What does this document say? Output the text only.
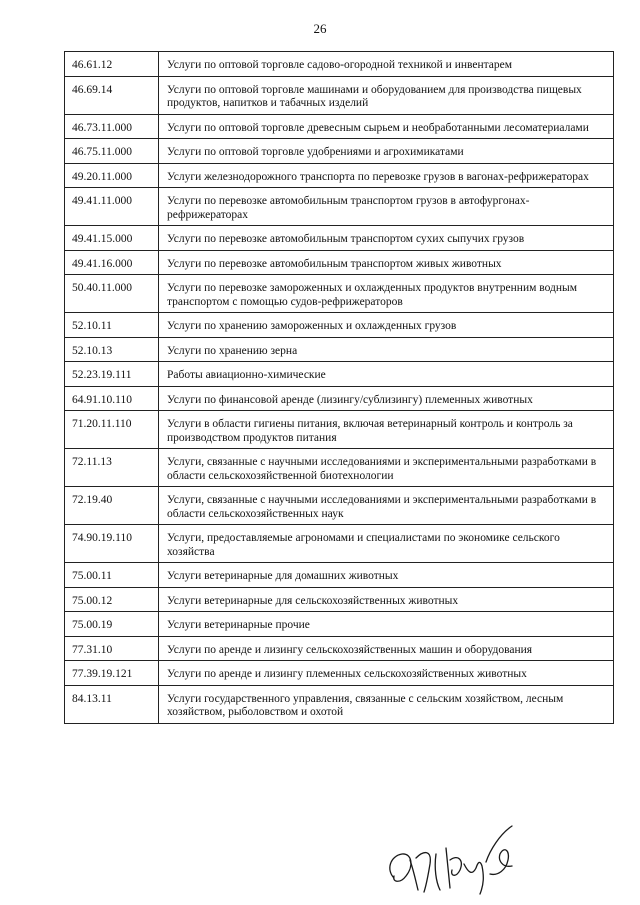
26
46.61.12	Услуги по оптовой торговле садово-огородной техникой и инвентарем
46.69.14	Услуги по оптовой торговле машинами и оборудованием для производства пищевых продуктов, напитков и табачных изделий
46.73.11.000	Услуги по оптовой торговле древесным сырьем и необработанными лесоматериалами
46.75.11.000	Услуги по оптовой торговле удобрениями и агрохимикатами
49.20.11.000	Услуги железнодорожного транспорта по перевозке грузов в вагонах-рефрижераторах
49.41.11.000	Услуги по перевозке автомобильным транспортом грузов в автофургонах-рефрижераторах
49.41.15.000	Услуги по перевозке автомобильным транспортом сухих сыпучих грузов
49.41.16.000	Услуги по перевозке автомобильным транспортом живых животных
50.40.11.000	Услуги по перевозке замороженных и охлажденных продуктов внутренним водным транспортом с помощью судов-рефрижераторов
52.10.11	Услуги по хранению замороженных и охлажденных грузов
52.10.13	Услуги по хранению зерна
52.23.19.111	Работы авиационно-химические
64.91.10.110	Услуги по финансовой аренде (лизингу/сублизингу) племенных животных
71.20.11.110	Услуги в области гигиены питания, включая ветеринарный контроль и контроль за производством продуктов питания
72.11.13	Услуги, связанные с научными исследованиями и экспериментальными разработками в области сельскохозяйственной биотехнологии
72.19.40	Услуги, связанные с научными исследованиями и экспериментальными разработками в области сельскохозяйственных наук
74.90.19.110	Услуги, предоставляемые агрономами и специалистами по экономике сельского хозяйства
75.00.11	Услуги ветеринарные для домашних животных
75.00.12	Услуги ветеринарные для сельскохозяйственных животных
75.00.19	Услуги ветеринарные прочие
77.31.10	Услуги по аренде и лизингу сельскохозяйственных машин и оборудования
77.39.19.121	Услуги по аренде и лизингу племенных сельскохозяйственных животных
84.13.11	Услуги государственного управления, связанные с сельским хозяйством, лесным хозяйством, рыболовством и охотой
